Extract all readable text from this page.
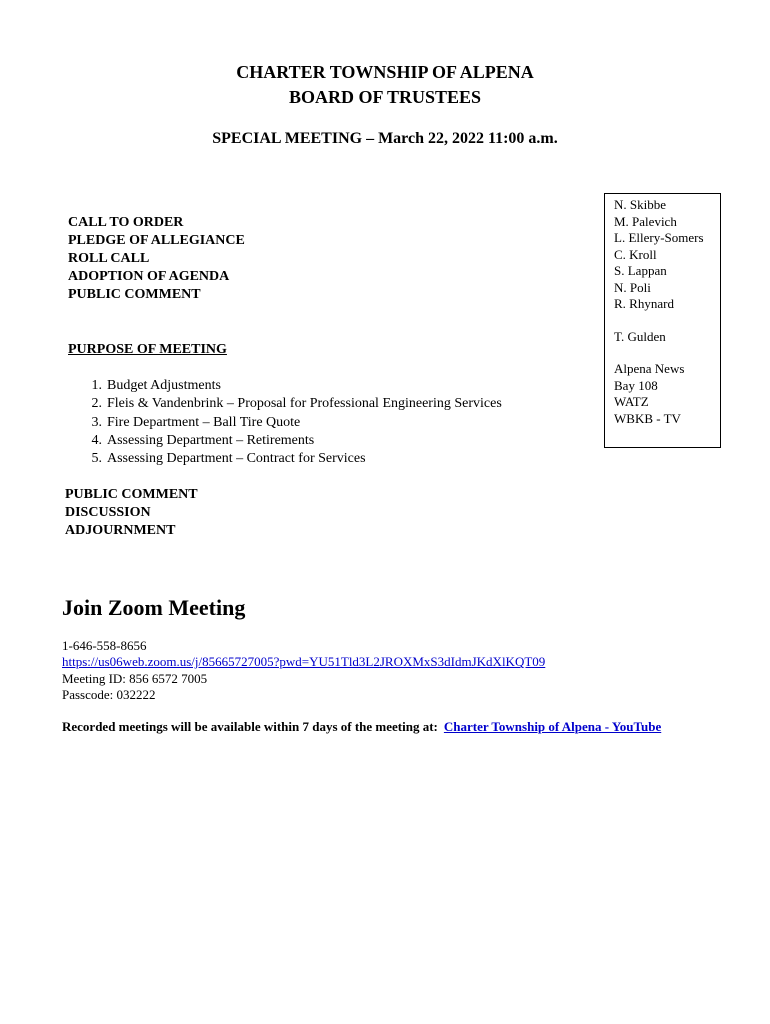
CHARTER TOWNSHIP OF ALPENA
BOARD OF TRUSTEES
SPECIAL MEETING – March 22, 2022 11:00 a.m.
CALL TO ORDER
PLEDGE OF ALLEGIANCE
ROLL CALL
ADOPTION OF AGENDA
PUBLIC COMMENT
PURPOSE OF MEETING
1. Budget Adjustments
2. Fleis & Vandenbrink – Proposal for Professional Engineering Services
3. Fire Department – Ball Tire Quote
4. Assessing Department – Retirements
5. Assessing Department – Contract for Services
PUBLIC COMMENT
DISCUSSION
ADJOURNMENT
N. Skibbe
M. Palevich
L. Ellery-Somers
C. Kroll
S. Lappan
N. Poli
R. Rhynard
T. Gulden
Alpena News
Bay 108
WATZ
WBKB - TV
Join Zoom Meeting
1-646-558-8656
https://us06web.zoom.us/j/85665727005?pwd=YU51Tld3L2JROXMxS3dIdmJKdXlKQT09
Meeting ID: 856 6572 7005
Passcode: 032222
Recorded meetings will be available within 7 days of the meeting at: Charter Township of Alpena - YouTube
